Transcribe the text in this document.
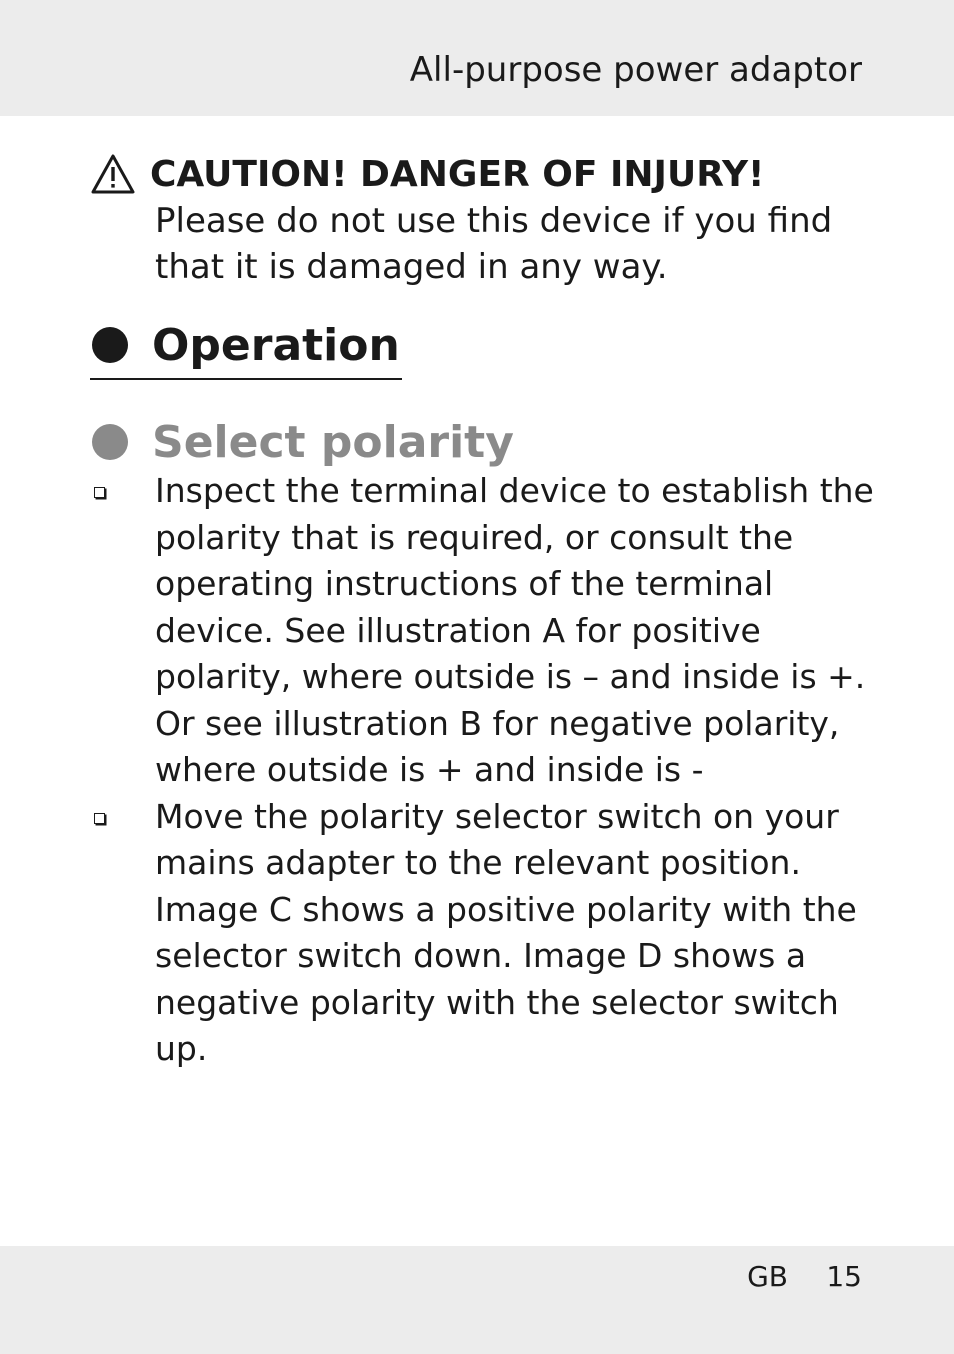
All-purpose power adaptor
CAUTION! DANGER OF INJURY!
Please do not use this device if you find that it is damaged in any way.
Operation
Select polarity
Inspect the terminal device to establish the polarity that is required, or consult the operating instructions of the terminal device. See illustration A for positive polarity, where outside is – and inside is +. Or see illustration B for negative polarity, where outside is + and inside is -
Move the polarity selector switch on your mains adapter to the relevant position. Image C shows a positive polarity with the selector switch down. Image D shows a negative polarity with the selector switch up.
GB 15
